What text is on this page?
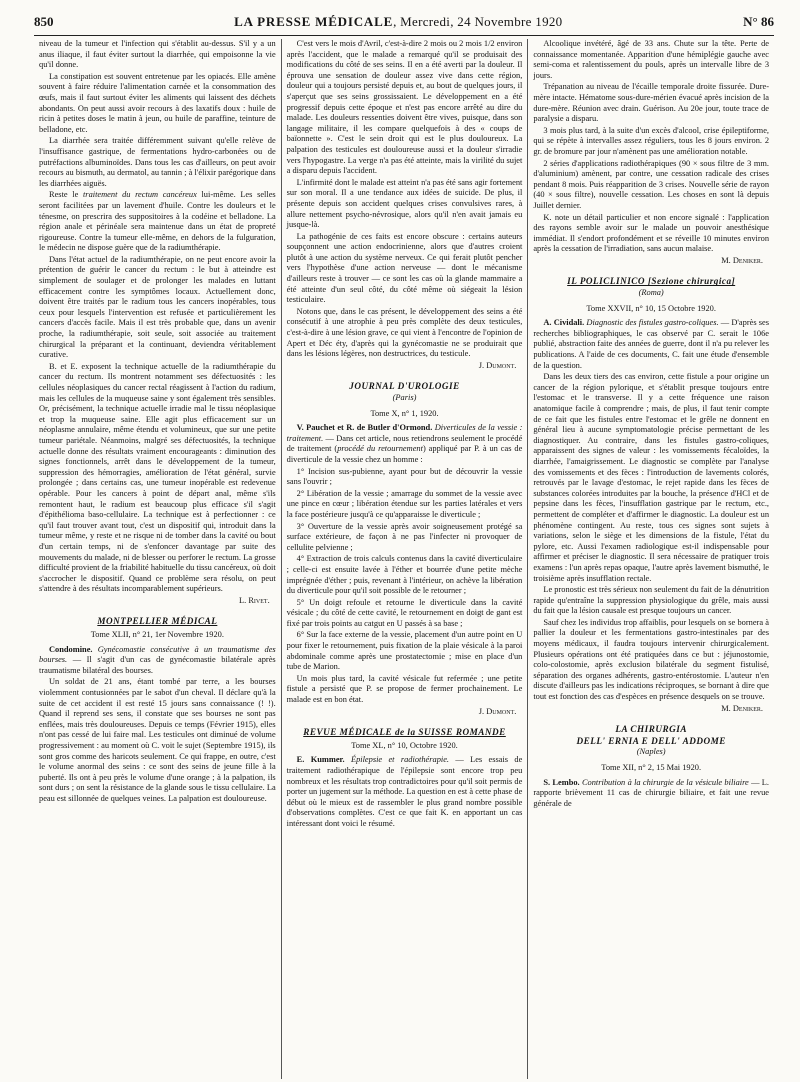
850	LA PRESSE MÉDICALE, Mercredi, 24 Novembre 1920	N° 86

niveau de la tumeur et l'infection qui s'établit au-dessus. S'il y a un anus iliaque, il faut éviter surtout la diarrhée, qui empoisonne la vie qu'il donne.

La constipation est souvent entretenue par les opiacés. Elle amène souvent à faire réduire l'alimentation carnée et la consommation des œufs, mais il faut surtout éviter les aliments qui laissent des déchets abondants. On peut aussi avoir recours à des laxatifs doux : huile de ricin à petites doses le matin à jeun, ou huile de paraffine, teinture de belladone, etc.

La diarrhée sera traitée différemment suivant qu'elle relève de l'insuffisance gastrique, de fermentations hydro-carbonées ou de putréfactions albuminoïdes. Dans tous les cas d'ailleurs, on peut avoir recours au bismuth, au dermatol, au tannin ; à l'élixir parégorique dans les diarrhées aiguës.

Reste le traitement du rectum cancéreux lui-même. Les selles seront facilitées par un lavement d'huile. Contre les douleurs et le ténesme, on prescrira des suppositoires à la codéine et belladone. La région anale et périnéale sera maintenue dans un état de propreté rigoureuse. Contre la tumeur elle-même, en dehors de la fulguration, le médecin ne dispose guère que de la radiumthérapie.

Dans l'état actuel de la radiumthérapie, on ne peut encore avoir la prétention de guérir le cancer du rectum : le but à atteindre est simplement de soulager et de prolonger les malades en luttant efficacement contre les symptômes locaux. Actuellement donc, doivent être traités par le radium tous les cancers inopérables, tous ceux pour lesquels l'intervention est refusée et particulièrement les cancers d'accès facile. Mais il est très probable que, dans un avenir proche, la radiumthérapie, soit seule, soit associée au traitement chirurgical la préparant et la continuant, deviendra véritablement curative.

B. et E. exposent la technique actuelle de la radiumthérapie du cancer du rectum. Ils montrent notamment ses défectuosités : les cellules néoplasiques du cancer rectal réagissent à l'action du radium, mais les cellules de la muqueuse saine y sont également très sensibles. Or, précisément, la technique actuelle irradie mal le tissu néoplasique et trop la muqueuse saine. Elle agit plus efficacement sur un néoplasme annulaire, même étendu et volumineux, que sur une petite tumeur pariétale. Néanmoins, malgré ses défectuosités, la technique actuelle donne des résultats vraiment encourageants : diminution des signes fonctionnels, arrêt dans le développement de la tumeur, suppression des hémorragies, amélioration de l'état général, survie prolongée ; dans certains cas, une tumeur inopérable est redevenue opérable. Pour les cancers à point de départ anal, même s'ils remontent haut, le radium est beaucoup plus efficace s'il s'agit d'épithélioma baso-cellulaire. La technique est à perfectionner : ce qu'il faut trouver avant tout, c'est un dispositif qui, introduit dans la tumeur même, y reste et ne risque ni de tomber dans la cavité ou bout d'un certain temps, ni de s'enfoncer davantage par suite des mouvements du malade, ni de blesser ou perforer le rectum. La grosse difficulté provient de la friabilité habituelle du tissu cancéreux, où doit s'accrocher le dispositif. Quand ce problème sera résolu, on peut s'attendre à des résultats incomparablement supérieurs.

L. Rivet.
MONTPELLIER MÉDICAL
Tome XLII, n° 21, 1er Novembre 1920.

Condomine. Gynécomastie consécutive à un traumatisme des bourses. — Il s'agit d'un cas de gynécomastie bilatérale après traumatisme bilatéral des bourses.

Un soldat de 21 ans, étant tombé par terre, a les bourses violemment contusionnées par le sabot d'un cheval. Il déclare qu'à la suite de cet accident il est resté 15 jours sans connaissance (! !). Quand il reprend ses sens, il constate que ses bourses ne sont pas enflées, mais très douloureuses. Depuis ce temps (Février 1915), elles n'ont pas cessé de lui faire mal. Les testicules ont diminué de volume progressivement : au moment où C. voit le sujet (Septembre 1915), ils sont gros comme des haricots seulement. Ce qui frappe, en outre, c'est le volume anormal des seins : ce sont des seins de jeune fille à la puberté. Ils ont à peu près le volume d'une orange ; à la palpation, ils sont durs ; on sent la résistance de la glande sous le tissu cellulaire. La peau est sillonnée de quelques veines. La palpation est douloureuse.

C'est vers le mois d'Avril, c'est-à-dire 2 mois ou 2 mois 1/2 environ après l'accident, que le malade a remarqué qu'il se produisait des modifications du côté de ses seins. Il en a été averti par la douleur. Il éprouva une sensation de douleur assez vive dans cette région, douleur qui a toujours persisté depuis et, au bout de quelques jours, il s'aperçut que ses seins grossissaient. Le développement en a été progressif depuis cette époque et n'est pas encore arrêté au dire du malade. Les douleurs ressenties doivent être vives, puisque, dans son langage militaire, il les compare quelquefois à des « coups de baïonnette ». C'est le sein droit qui est le plus douloureux. La palpation des testicules est douloureuse aussi et la douleur s'irradie vers l'hypogastre. La verge n'a pas été atteinte, mais la virilité du sujet a disparu depuis l'accident.

L'infirmité dont le malade est atteint n'a pas été sans agir fortement sur son moral. Il a une tendance aux idées de suicide. De plus, il présente depuis son accident quelques crises convulsives rares, à allure nettement psycho-névrosique, alors qu'il n'en avait jamais eu jusque-là.

La pathogénie de ces faits est encore obscure : certains auteurs soupçonnent une action endocrinienne, alors que d'autres croient plutôt à une action du système nerveux. Ce qui ferait plutôt pencher vers l'hypothèse d'une action nerveuse — dont le mécanisme d'ailleurs reste à trouver — ce sont les cas où la glande mammaire a été atteinte d'un seul côté, du côté même où siégeait la lésion testiculaire.

Notons que, dans le cas présent, le développement des seins a été consécutif à une atrophie à peu près complète des deux testicules, c'est-à-dire à une lésion grave, ce qui vient à l'encontre de l'opinion de Apert et Déc éty, d'après qui la gynécomastie ne se produirait que dans les lésions légères, non destructrices, du testicule.

J. Dumont.
JOURNAL D'UROLOGIE
(Paris)
Tome X, n° 1, 1920.

V. Pauchet et R. de Butler d'Ormond. Diverticules de la vessie : traitement. — Dans cet article, nous retiendrons seulement le procédé de traitement (procédé du retournement) appliqué par P. à un cas de diverticule de la vessie chez un homme :

1° Incision sus-pubienne, ayant pour but de découvrir la vessie sans l'ouvrir ;

2° Libération de la vessie ; amarrage du sommet de la vessie avec une pince en cœur ; libération étendue sur les parties latérales et vers la face postérieure jusqu'à ce qu'apparaisse le diverticule ;

3° Ouverture de la vessie après avoir soigneusement protégé sa surface extérieure, de façon à ne pas l'infecter ni provoquer de cellulite pelvienne ;

4° Extraction de trois calculs contenus dans la cavité diverticulaire ; celle-ci est ensuite lavée à l'éther et bourrée d'une petite mèche imprégnée d'éther ; puis, revenant à l'intérieur, on achève la libération du diverticule pour qu'il soit possible de le retourner ;

5° Un doigt refoule et retourne le diverticule dans la cavité vésicale ; du côté de cette cavité, le retournement en doigt de gant est fixé par trois points au catgut en U passés à sa base ;

6° Sur la face externe de la vessie, placement d'un autre point en U pour fixer le retournement, puis fixation de la plaie vésicale à la paroi abdominale comme après une prostatectomie ; mise en place d'un tube de Marion.

Un mois plus tard, la cavité vésicale fut refermée ; une petite fistule a persisté que P. se propose de fermer prochainement. Le malade est en bon état.

J. Dumont.
REVUE MÉDICALE de la SUISSE ROMANDE
Tome XL, n° 10, Octobre 1920.

E. Kummer. Épilepsie et radiothérapie. — Les essais de traitement radiothérapique de l'épilepsie sont encore trop peu nombreux et les résultats trop contradictoires pour qu'il soit permis de porter un jugement sur la méthode. La question en est à cette phase de début où le mieux est de rassembler le plus grand nombre possible d'observations complètes. C'est ce que fait K. en apportant un cas intéressant dont voici le résumé.

Alcoolique invétéré, âgé de 33 ans. Chute sur la tête. Perte de connaissance momentanée. Apparition d'une hémiplégie gauche avec semi-coma et ralentissement du pouls, après un intervalle libre de 3 jours.

Trépanation au niveau de l'écaille temporale droite fissurée. Dure-mère intacte. Hématome sous-dure-mérien évacué après incision de la dure-mère. Réunion avec drain. Guérison. Au 20e jour, toute trace de paralysie a disparu.

3 mois plus tard, à la suite d'un excès d'alcool, crise épileptiforme, qui se répète à intervalles assez réguliers, tous les 8 jours environ. 2 gr. de bromure par jour n'amènent pas une amélioration notable.

2 séries d'applications radiothérapiques (90 × sous filtre de 3 mm. d'aluminium) amènent, par contre, une cessation radicale des crises pendant 8 mois. Puis réapparition de 3 crises. Nouvelle série de rayon (40 × sous filtre), nouvelle cessation. Les choses en sont là depuis Juillet dernier.

K. note un détail particulier et non encore signalé : l'application des rayons semble avoir sur le malade un pouvoir anesthésique immédiat. Il s'endort profondément et se réveille 10 minutes environ après la cessation de l'irradiation, sans aucun malaise.

M. Deniker.
IL POLICLINICO [Sezione chirurgica]
(Roma)
Tome XXVII, n° 10, 15 Octobre 1920.

A. Cividali. Diagnostic des fistules gastro-coliques. — D'après ses recherches bibliographiques, le cas observé par C. serait le 106e publié, abstraction faite des années de guerre, dont il n'a pu relever les publications. A l'aide de ces documents, C. fait une étude d'ensemble de la question.

Dans les deux tiers des cas environ, cette fistule a pour origine un cancer de la région pylorique, et s'établit presque toujours entre l'estomac et le transverse. Il y a cette fréquence une raison anatomique facile à comprendre ; mais, de plus, il faut tenir compte de ce fait que les fistules entre l'estomac et le grêle ne donnent en général lieu à aucune symptomatologie précise permettant de les diagnostiquer. Au contraire, dans les fistules gastro-coliques, apparaissent des signes de valeur : les vomissements fécaloïdes, la diarrhée, l'amaigrissement. Le diagnostic se complète par l'analyse des vomissements et des fèces : l'introduction de lavements colorés, retrouvés par le lavage d'estomac, le rejet rapide dans les fèces de substances colorées introduites par la bouche, la présence d'HCl et de pepsine dans les fèces, l'insufflation gastrique par le rectum, etc., permettent de compléter et d'affirmer le diagnostic. La douleur est un phénomène contingent. Au reste, tous ces signes sont sujets à variations, selon le siège et les dimensions de la fistule, l'état du pylore, etc. Aussi l'examen radiologique est-il indispensable pour affirmer et préciser le diagnostic. Il sera nécessaire de pratiquer trois examens : l'un après repas opaque, l'autre après lavement bismuthé, le troisième après insufflation rectale.

Le pronostic est très sérieux non seulement du fait de la dénutrition rapide qu'entraîne la suppression physiologique du grêle, mais aussi du fait que la lésion causale est presque toujours un cancer.

Sauf chez les individus trop affaiblis, pour lesquels on se bornera à pallier la douleur et les fermentations gastro-intestinales par des moyens médicaux, il faudra toujours intervenir chirurgicalement. Plusieurs opérations ont été pratiquées dans ce but : jéjunostomie, colo-colostomie, après exclusion bilatérale du segment fistulisé, séparation des organes adhérents, gastro-entérostomie. L'auteur n'en discute d'ailleurs pas les indications réciproques, se bornant à dire que tout est fonction des cas d'espèces en présence desquels on se trouve.

M. Deniker.
LA CHIRURGIA
DELL' ERNIA E DELL' ADDOME
(Naples)
Tome XII, n° 2, 15 Mai 1920.

S. Lembo. Contribution à la chirurgie de la vésicule biliaire — L. rapporte brièvement 11 cas de chirurgie biliaire, et fait une revue générale de
